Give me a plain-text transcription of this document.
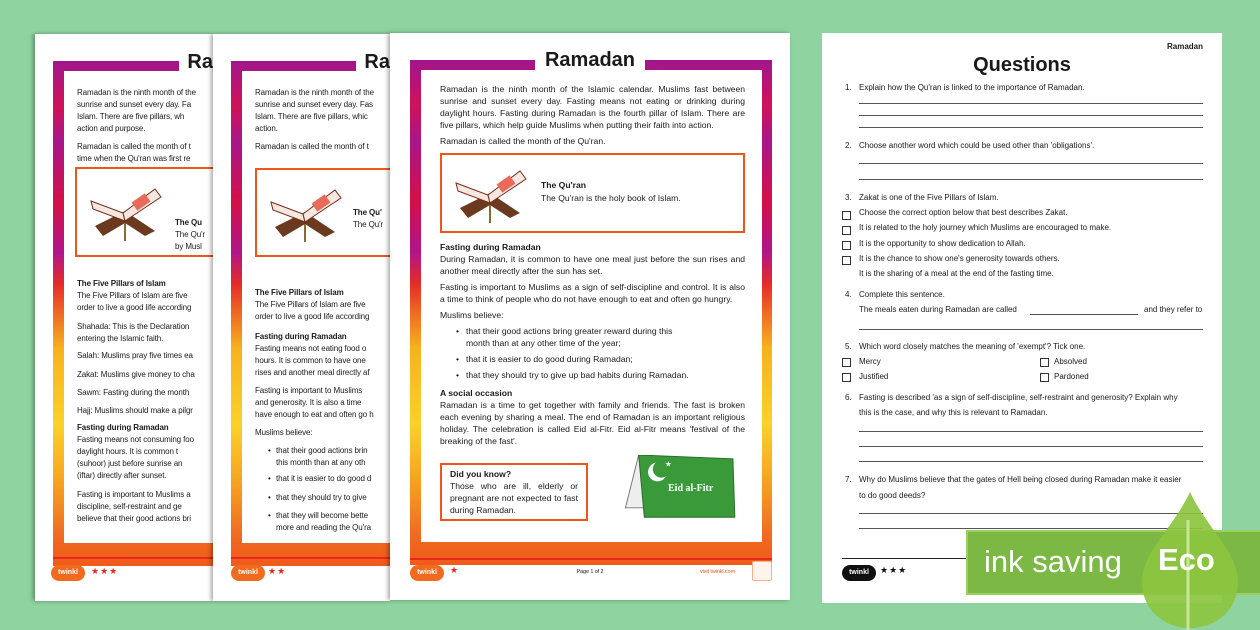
Ra
Ramadan is the ninth month of the
sunrise and sunset every day. Fa
Islam. There are five pillars, wh
action and purpose.
Ramadan is called the month of t
time when the Qu'ran was first re
The Qu
The Qu'r
by Musl
The Five Pillars of Islam
The Five Pillars of Islam are five
order to live a good life according
Shahada: This is the Declaration
entering the Islamic faith.
Salah: Muslims pray five times ea
Zakat: Muslims give money to cha
Sawm: Fasting during the month
Hajj: Muslims should make a pilgr
Fasting during Ramadan
Fasting means not consuming foo
daylight hours. It is common t
(suhoor) just before sunrise an
(iftar) directly after sunset.
Fasting is important to Muslims a
discipline, self-restraint and ge
believe that their good actions bri
twinkl	★★★
Ra
Ramadan is the ninth month of the
sunrise and sunset every day. Fas
Islam. There are five pillars, whic
action.
Ramadan is called the month of t
The Qu'
The Qu'r
The Five Pillars of Islam
The Five Pillars of Islam are five
order to live a good life according
Fasting during Ramadan
Fasting means not eating food o
hours. It is common to have one
rises and another meal directly af
Fasting is important to Muslims
and generosity. It is also a time
have enough to eat and often go h
Muslims believe:
• that their good actions brin
this month than at any oth
• that it is easier to do good d
• that they should try to give
• that they will become bette
more and reading the Qu'ra
twinkl	★★
Ramadan

Ramadan is the ninth month of the Islamic calendar. Muslims fast between sunrise and sunset every day. Fasting means not eating or drinking during daylight hours. Fasting during Ramadan is the fourth pillar of Islam. There are five pillars, which help guide Muslims when putting their faith into action.

Ramadan is called the month of the Qu'ran.

The Qu'ran
The Qu'ran is the holy book of Islam.
Fasting during Ramadan

During Ramadan, it is common to have one meal just before the sun rises and another meal directly after the sun has set.

Fasting is important to Muslims as a sign of self-discipline and control. It is also a time to think of people who do not have enough to eat and often go hungry.

Muslims believe:

• that their good actions bring greater reward during this month than at any other time of the year;
• that it is easier to do good during Ramadan;
• that they should try to give up bad habits during Ramadan.
A social occasion

Ramadan is a time to get together with family and friends. The fast is broken each evening by sharing a meal. The end of Ramadan is an important religious holiday. The celebration is called Eid al-Fitr. Eid al-Fitr means 'festival of the breaking of the fast'.

Did you know?
Those who are ill, elderly or pregnant are not expected to fast during Ramadan.
★
Eid al-Fitr
twinkl	★	Page 1 of 2	visit twinkl.com
Ramadan
Questions
1. Explain how the Qu'ran is linked to the importance of Ramadan.
2. Choose another word which could be used other than 'obligations'.
3. Zakat is one of the Five Pillars of Islam.
Choose the correct option below that best describes Zakat.
It is related to the holy journey which Muslims are encouraged to make.
It is the opportunity to show dedication to Allah.
It is the chance to show one's generosity towards others.
It is the sharing of a meal at the end of the fasting time.
4. Complete this sentence.
The meals eaten during Ramadan are called	and they refer to
5. Which word closely matches the meaning of 'exempt'? Tick one.
Mercy	Absolved
Justified	Pardoned
6. Fasting is described 'as a sign of self-discipline, self-restraint and generosity? Explain why
this is the case, and why this is relevant to Ramadan.
7. Why do Muslims believe that the gates of Hell being closed during Ramadan make it easier
to do good deeds?
twinkl	★★★ ink saving Eco
